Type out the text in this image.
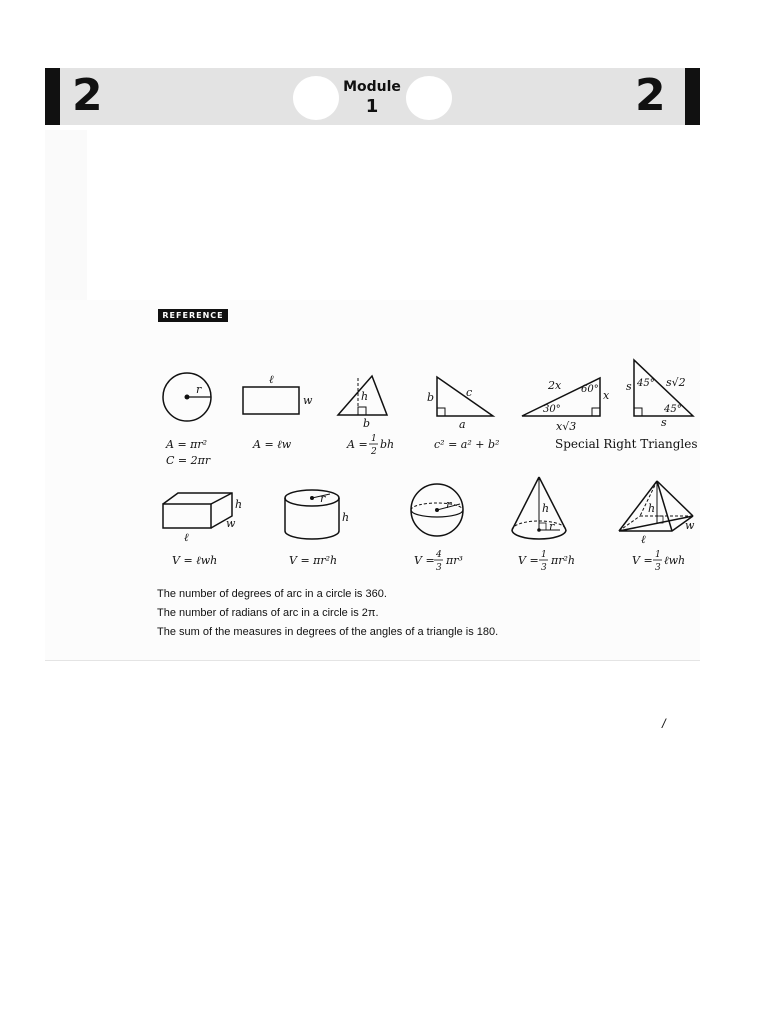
2	2
Module
1
REFERENCE
r
A = πr²
C = 2πr
ℓ
w
A = ℓw
h
b
A = 1
2
bh
b	c
a
c² = a² + b²
2x 60°
30°
x
x√3
s 45° s√2
45°
s
Special Right Triangles
h
w
ℓ
V = ℓwh
r
h
V = πr²h
r
V = 4
3
πr³
h
r
V = 1
3
πr²h
h
w
ℓ
V = 1
3
ℓwh
The number of degrees of arc in a circle is 360.
The number of radians of arc in a circle is 2π.
The sum of the measures in degrees of the angles of a triangle is 180.
/
